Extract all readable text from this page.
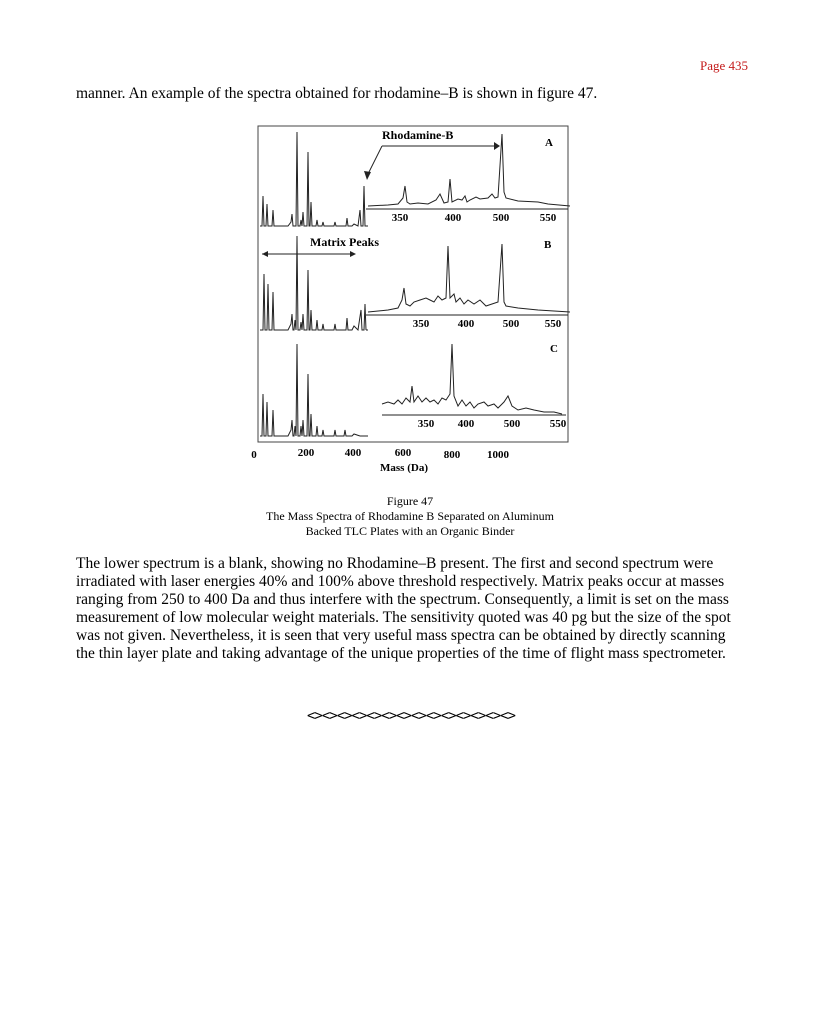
Page 435

manner. An example of the spectra obtained for rhodamine–B is shown in figure 47.

350	400	500	550
Rhodamine-B
A
350	400	500 550
Matrix Peaks	B
350 400	500	550
C
0	200	400	600	800 1000
Mass (Da)
Figure 47
The Mass Spectra of Rhodamine B Separated on Aluminum
Backed TLC Plates with an Organic Binder

The lower spectrum is a blank, showing no Rhodamine–B present. The first and second spectrum were irradiated with laser energies 40% and 100% above threshold respectively. Matrix peaks occur at masses ranging from 250 to 400 Da and thus interfere with the spectrum. Consequently, a limit is set on the mass measurement of low molecular weight materials. The sensitivity quoted was 40 pg but the size of the spot was not given. Nevertheless, it is seen that very useful mass spectra can be obtained by directly scanning the thin layer plate and taking advantage of the unique properties of the time of flight mass spectrometer.

<><><><><><><><><><><><><><>
